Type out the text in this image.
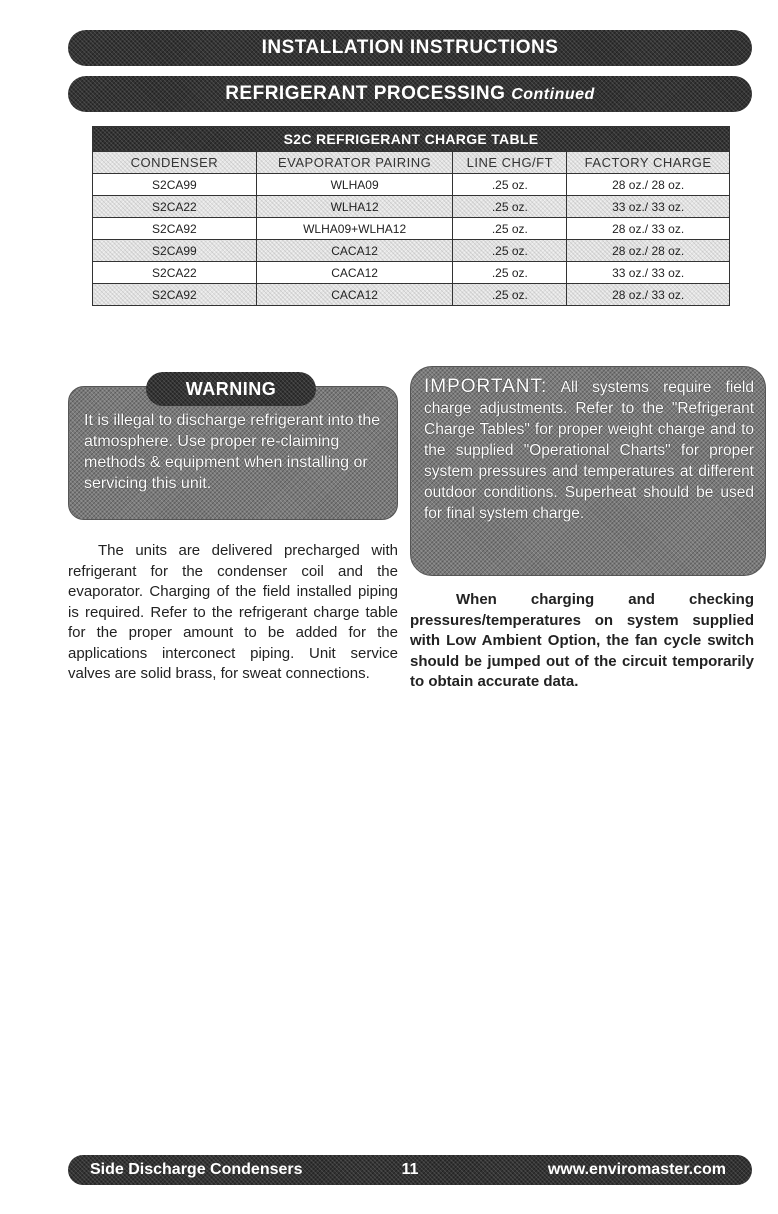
INSTALLATION INSTRUCTIONS
REFRIGERANT PROCESSING Continued
S2C REFRIGERANT CHARGE TABLE			
CONDENSER	EVAPORATOR PAIRING	LINE CHG/FT	FACTORY CHARGE
S2CA99	WLHA09	.25 oz.	28 oz./ 28 oz.
S2CA22	WLHA12	.25 oz.	33 oz./ 33 oz.
S2CA92	WLHA09+WLHA12	.25 oz.	28 oz./ 33 oz.
S2CA99	CACA12	.25 oz.	28 oz./ 28 oz.
S2CA22	CACA12	.25 oz.	33 oz./ 33 oz.
S2CA92	CACA12	.25 oz.	28 oz./ 33 oz.
WARNING
It is illegal to discharge refrigerant into the atmosphere. Use proper re-claiming methods & equipment when installing or servicing this unit.
The units are delivered precharged with refrigerant for the condenser coil and the evaporator. Charging of the field installed piping is required. Refer to the refrigerant charge table for the proper amount to be added for the applications interconect piping. Unit service valves are solid brass, for sweat connections.
IMPORTANT: All systems require field charge adjustments. Refer to the "Refrigerant Charge Tables" for proper weight charge and to the supplied "Operational Charts" for proper system pressures and temperatures at different outdoor conditions. Superheat should be used for final system charge.
When charging and checking pressures/temperatures on system supplied with Low Ambient Option, the fan cycle switch should be jumped out of the circuit temporarily to obtain accurate data.
Side Discharge Condensers	11	www.enviromaster.com
